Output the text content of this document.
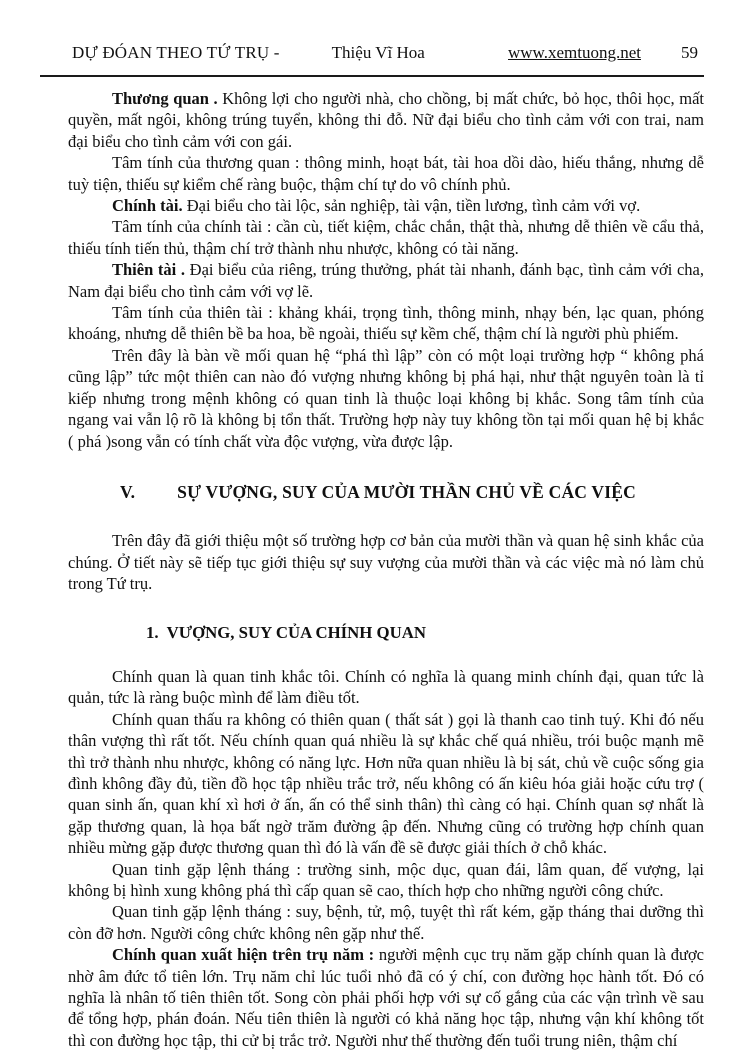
DỰ ĐÓAN THEO TỨ TRỤ -	Thiệu Vĩ Hoa	www.xemtuong.net 59

Thương quan . Không lợi cho người nhà, cho chồng, bị mất chức, bỏ học, thôi học, mất quyền, mất ngôi, không trúng tuyển, không thi đỗ. Nữ đại biểu cho tình cảm với con trai, nam đại biểu cho tình cảm với con gái.

Tâm tính của thương quan : thông minh, hoạt bát, tài hoa dồi dào, hiếu thắng, nhưng dễ tuỳ tiện, thiếu sự kiểm chế ràng buộc, thậm chí tự do vô chính phủ.

Chính tài. Đại biểu cho tài lộc, sản nghiệp, tài vận, tiền lương, tình cảm với vợ.

Tâm tính của chính tài : cần cù, tiết kiệm, chắc chắn, thật thà, nhưng dễ thiên về cẩu thả, thiếu tính tiến thủ, thậm chí trở thành nhu nhược, không có tài năng.

Thiên tài . Đại biểu của riêng, trúng thưởng, phát tài nhanh, đánh bạc, tình cảm với cha, Nam đại biểu cho tình cảm với vợ lẽ.

Tâm tính của thiên tài : khảng khái, trọng tình, thông minh, nhạy bén, lạc quan, phóng khoáng, nhưng dễ thiên bề ba hoa, bề ngoài, thiếu sự kềm chế, thậm chí là người phù phiếm.

Trên đây là bàn về mối quan hệ “phá thì lập” còn có một loại trường hợp “ không phá cũng lập” tức một thiên can nào đó vượng nhưng không bị phá hại, như thật nguyên toàn là tỉ kiếp nhưng trong mệnh không có quan tinh là thuộc loại không bị khắc. Song tâm tính của ngang vai vẫn lộ rõ là không bị tổn thất. Trường hợp này tuy không tồn tại mối quan hệ bị khắc ( phá )song vẫn có tính chất vừa độc vượng, vừa được lập.

V. SỰ VƯỢNG, SUY CỦA MƯỜI THẦN CHỦ VỀ CÁC VIỆC

Trên đây đã giới thiệu một số trường hợp cơ bản của mười thần và quan hệ sinh khắc của chúng. Ở tiết này sẽ tiếp tục giới thiệu sự suy vượng của mười thần và các việc mà nó làm chủ trong Tứ trụ.

1. VƯỢNG, SUY CỦA CHÍNH QUAN

Chính quan là quan tinh khắc tôi. Chính có nghĩa là quang minh chính đại, quan tức là quản, tức là ràng buộc mình để làm điều tốt.

Chính quan thấu ra không có thiên quan ( thất sát ) gọi là thanh cao tinh tuý. Khi đó nếu thân vượng thì rất tốt. Nếu chính quan quá nhiều là sự khắc chế quá nhiều, trói buộc mạnh mẽ thì trở thành nhu nhược, không có năng lực. Hơn nữa quan nhiều là bị sát, chủ về cuộc sống gia đình không đầy đủ, tiền đồ học tập nhiều trắc trở, nếu không có ấn kiêu hóa giải hoặc cứu trợ ( quan sinh ấn, quan khí xì hơi ở ấn, ấn có thể sinh thân) thì càng có hại. Chính quan sợ nhất là gặp thương quan, là họa bất ngờ trăm đường ập đến. Nhưng cũng có trường hợp chính quan nhiều mừng gặp được thương quan thì đó là vấn đề sẽ được giải thích ở chỗ khác.

Quan tinh gặp lệnh tháng : trường sinh, mộc dục, quan đái, lâm quan, đế vượng, lại không bị hình xung không phá thì cấp quan sẽ cao, thích hợp cho những người công chức.

Quan tinh gặp lệnh tháng : suy, bệnh, tử, mộ, tuyệt thì rất kém, gặp tháng thai dưỡng thì còn đỡ hơn. Người công chức không nên gặp như thế.

Chính quan xuất hiện trên trụ năm : người mệnh cục trụ năm gặp chính quan là được nhờ âm đức tổ tiên lớn. Trụ năm chỉ lúc tuổi nhỏ đã có ý chí, con đường học hành tốt. Đó có nghĩa là nhân tố tiên thiên tốt. Song còn phải phối hợp với sự cố gắng của các vận trình về sau để tổng hợp, phán đoán. Nếu tiên thiên là người có khả năng học tập, nhưng vận khí không tốt thì con đường học tập, thi cử bị trắc trở. Người như thế thường đến tuổi trung niên, thậm chí
